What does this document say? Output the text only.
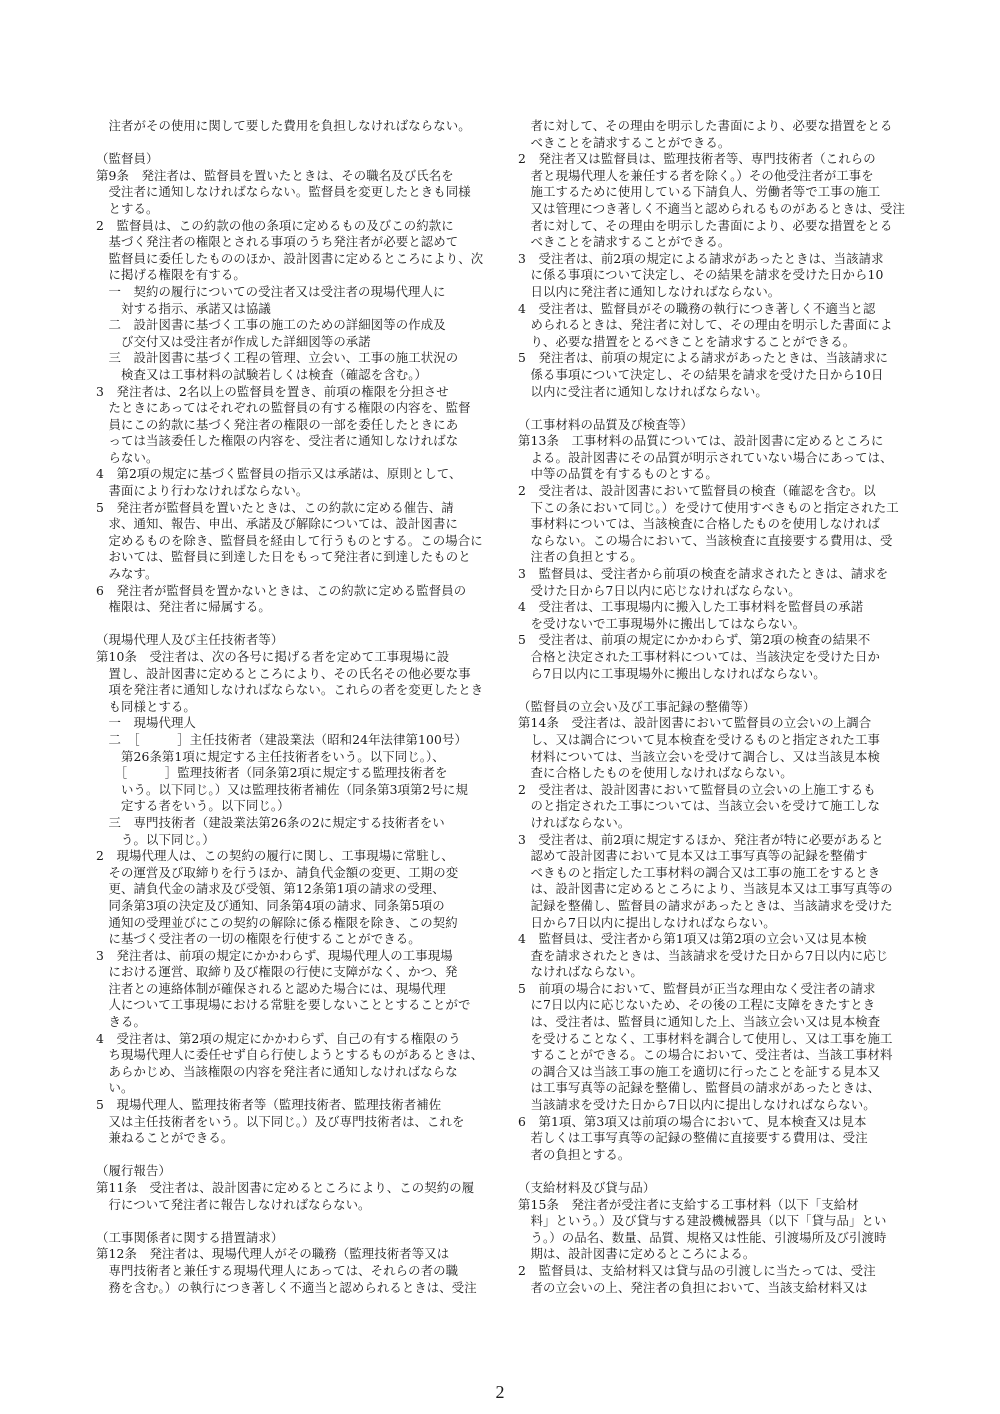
　注者がその使用に関して要した費用を負担しなければならない。

（監督員）

第9条　発注者は、監督員を置いたときは、その職名及び氏名を
　受注者に通知しなければならない。監督員を変更したときも同様
　とする。

2　監督員は、この約款の他の条項に定めるもの及びこの約款に
　基づく発注者の権限とされる事項のうち発注者が必要と認めて
　監督員に委任したもののほか、設計図書に定めるところにより、次
　に掲げる権限を有する。

　一　契約の履行についての受注者又は受注者の現場代理人に
　　対する指示、承諾又は協議

　二　設計図書に基づく工事の施工のための詳細図等の作成及
　　び交付又は受注者が作成した詳細図等の承諾

　三　設計図書に基づく工程の管理、立会い、工事の施工状況の
　　検査又は工事材料の試験若しくは検査（確認を含む。）

3　発注者は、2名以上の監督員を置き、前項の権限を分担させ
　たときにあってはそれぞれの監督員の有する権限の内容を、監督
　員にこの約款に基づく発注者の権限の一部を委任したときにあ
　っては当該委任した権限の内容を、受注者に通知しなければな
　らない。

4　第2項の規定に基づく監督員の指示又は承諾は、原則として、
　書面により行わなければならない。

5　発注者が監督員を置いたときは、この約款に定める催告、請
　求、通知、報告、申出、承諾及び解除については、設計図書に
　定めるものを除き、監督員を経由して行うものとする。この場合に
　おいては、監督員に到達した日をもって発注者に到達したものと
　みなす。

6　発注者が監督員を置かないときは、この約款に定める監督員の
　権限は、発注者に帰属する。

（現場代理人及び主任技術者等）

第10条　受注者は、次の各号に掲げる者を定めて工事現場に設
　置し、設計図書に定めるところにより、その氏名その他必要な事
　項を発注者に通知しなければならない。これらの者を変更したとき
　も同様とする。

　一　現場代理人

　二　［　　　］主任技術者（建設業法（昭和24年法律第100号）
　　第26条第1項に規定する主任技術者をいう。以下同じ。）、
　　［　　　］監理技術者（同条第2項に規定する監理技術者を
　　いう。以下同じ。）又は監理技術者補佐（同条第3項第2号に規
　　定する者をいう。以下同じ。）

　三　専門技術者（建設業法第26条の2に規定する技術者をい
　　う。以下同じ。）

2　現場代理人は、この契約の履行に関し、工事現場に常駐し、
　その運営及び取締りを行うほか、請負代金額の変更、工期の変
　更、請負代金の請求及び受領、第12条第1項の請求の受理、
　同条第3項の決定及び通知、同条第4項の請求、同条第5項の
　通知の受理並びにこの契約の解除に係る権限を除き、この契約
　に基づく受注者の一切の権限を行使することができる。

3　発注者は、前項の規定にかかわらず、現場代理人の工事現場
　における運営、取締り及び権限の行使に支障がなく、かつ、発
　注者との連絡体制が確保されると認めた場合には、現場代理
　人について工事現場における常駐を要しないこととすることがで
　きる。

4　受注者は、第2項の規定にかかわらず、自己の有する権限のう
　ち現場代理人に委任せず自ら行使しようとするものがあるときは、
　あらかじめ、当該権限の内容を発注者に通知しなければならな
　い。

5　現場代理人、監理技術者等（監理技術者、監理技術者補佐
　又は主任技術者をいう。以下同じ。）及び専門技術者は、これを
　兼ねることができる。

（履行報告）

第11条　受注者は、設計図書に定めるところにより、この契約の履
　行について発注者に報告しなければならない。

（工事関係者に関する措置請求）

第12条　発注者は、現場代理人がその職務（監理技術者等又は
　専門技術者と兼任する現場代理人にあっては、それらの者の職
　務を含む。）の執行につき著しく不適当と認められるときは、受注

　者に対して、その理由を明示した書面により、必要な措置をとる
　べきことを請求することができる。

2　発注者又は監督員は、監理技術者等、専門技術者（これらの
　者と現場代理人を兼任する者を除く。）その他受注者が工事を
　施工するために使用している下請負人、労働者等で工事の施工
　又は管理につき著しく不適当と認められるものがあるときは、受注
　者に対して、その理由を明示した書面により、必要な措置をとる
　べきことを請求することができる。

3　受注者は、前2項の規定による請求があったときは、当該請求
　に係る事項について決定し、その結果を請求を受けた日から10
　日以内に発注者に通知しなければならない。

4　受注者は、監督員がその職務の執行につき著しく不適当と認
　められるときは、発注者に対して、その理由を明示した書面によ
　り、必要な措置をとるべきことを請求することができる。

5　発注者は、前項の規定による請求があったときは、当該請求に
　係る事項について決定し、その結果を請求を受けた日から10日
　以内に受注者に通知しなければならない。

（工事材料の品質及び検査等）

第13条　工事材料の品質については、設計図書に定めるところに
　よる。設計図書にその品質が明示されていない場合にあっては、
　中等の品質を有するものとする。

2　受注者は、設計図書において監督員の検査（確認を含む。以
　下この条において同じ。）を受けて使用すべきものと指定された工
　事材料については、当該検査に合格したものを使用しなければ
　ならない。この場合において、当該検査に直接要する費用は、受
　注者の負担とする。

3　監督員は、受注者から前項の検査を請求されたときは、請求を
　受けた日から7日以内に応じなければならない。

4　受注者は、工事現場内に搬入した工事材料を監督員の承諾
　を受けないで工事現場外に搬出してはならない。

5　受注者は、前項の規定にかかわらず、第2項の検査の結果不
　合格と決定された工事材料については、当該決定を受けた日か
　ら7日以内に工事現場外に搬出しなければならない。

（監督員の立会い及び工事記録の整備等）

第14条　受注者は、設計図書において監督員の立会いの上調合
　し、又は調合について見本検査を受けるものと指定された工事
　材料については、当該立会いを受けて調合し、又は当該見本検
　査に合格したものを使用しなければならない。

2　受注者は、設計図書において監督員の立会いの上施工するも
　のと指定された工事については、当該立会いを受けて施工しな
　ければならない。

3　受注者は、前2項に規定するほか、発注者が特に必要があると
　認めて設計図書において見本又は工事写真等の記録を整備す
　べきものと指定した工事材料の調合又は工事の施工をするとき
　は、設計図書に定めるところにより、当該見本又は工事写真等の
　記録を整備し、監督員の請求があったときは、当該請求を受けた
　日から7日以内に提出しなければならない。

4　監督員は、受注者から第1項又は第2項の立会い又は見本検
　査を請求されたときは、当該請求を受けた日から7日以内に応じ
　なければならない。

5　前項の場合において、監督員が正当な理由なく受注者の請求
　に7日以内に応じないため、その後の工程に支障をきたすとき
　は、受注者は、監督員に通知した上、当該立会い又は見本検査
　を受けることなく、工事材料を調合して使用し、又は工事を施工
　することができる。この場合において、受注者は、当該工事材料
　の調合又は当該工事の施工を適切に行ったことを証する見本又
　は工事写真等の記録を整備し、監督員の請求があったときは、
　当該請求を受けた日から7日以内に提出しなければならない。

6　第1項、第3項又は前項の場合において、見本検査又は見本
　若しくは工事写真等の記録の整備に直接要する費用は、受注
　者の負担とする。

（支給材料及び貸与品）

第15条　発注者が受注者に支給する工事材料（以下「支給材
　料」という。）及び貸与する建設機械器具（以下「貸与品」とい
　う。）の品名、数量、品質、規格又は性能、引渡場所及び引渡時
　期は、設計図書に定めるところによる。

2　監督員は、支給材料又は貸与品の引渡しに当たっては、受注
　者の立会いの上、発注者の負担において、当該支給材料又は

2
